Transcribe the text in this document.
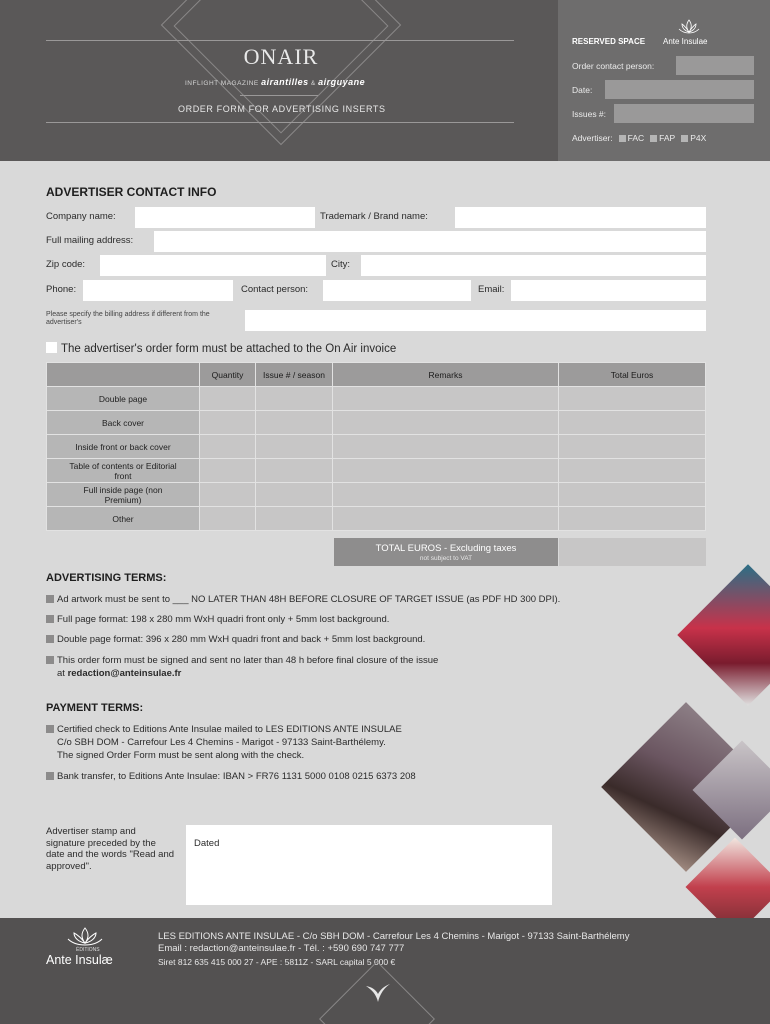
ONAIR
INFLIGHT MAGAZINE airantilles & airguyane
ORDER FORM FOR ADVERTISING INSERTS
RESERVED SPACE Ante Insulae
Order contact person:
Date:
Issues #:
Advertiser: FAC FAP P4X
ADVERTISER CONTACT INFO
Company name:	Trademark / Brand name:
Full mailing address:
Zip code:	City:
Phone:	Contact person:	Email:
Please specify the billing address if different from the advertiser's
The advertiser's order form must be attached to the On Air invoice
	Quantity	Issue # / season	Remarks	Total Euros
Double page				
Back cover				
Inside front or back cover				
Table of contents or Editorial front				
Full inside page (non Premium)				
Other				
TOTAL EUROS - Excluding taxes
not subject to VAT
ADVERTISING TERMS:
Ad artwork must be sent to ___ NO LATER THAN 48H BEFORE CLOSURE OF TARGET ISSUE (as PDF HD 300 DPI).
Full page format: 198 x 280 mm WxH quadri front only + 5mm lost background.
Double page format: 396 x 280 mm WxH quadri front and back + 5mm lost background.
This order form must be signed and sent no later than 48 h before final closure of the issue
at redaction@anteinsulae.fr
PAYMENT TERMS:
Certified check to Editions Ante Insulae mailed to LES EDITIONS ANTE INSULAE
C/o SBH DOM - Carrefour Les 4 Chemins - Marigot - 97133 Saint-Barthélemy.
The signed Order Form must be sent along with the check.
Bank transfer, to Editions Ante Insulae: IBAN > FR76 1131 5000 0108 0215 6373 208
Advertiser stamp and signature preceded by the date and the words "Read and approved".
Dated
ÉDITIONS
Ante Insulæ
LES EDITIONS ANTE INSULAE - C/o SBH DOM - Carrefour Les 4 Chemins - Marigot - 97133 Saint-Barthélemy
Email : redaction@anteinsulae.fr - Tél. : +590 690 747 777
Siret 812 635 415 000 27 - APE : 5811Z - SARL capital 5 000 €
